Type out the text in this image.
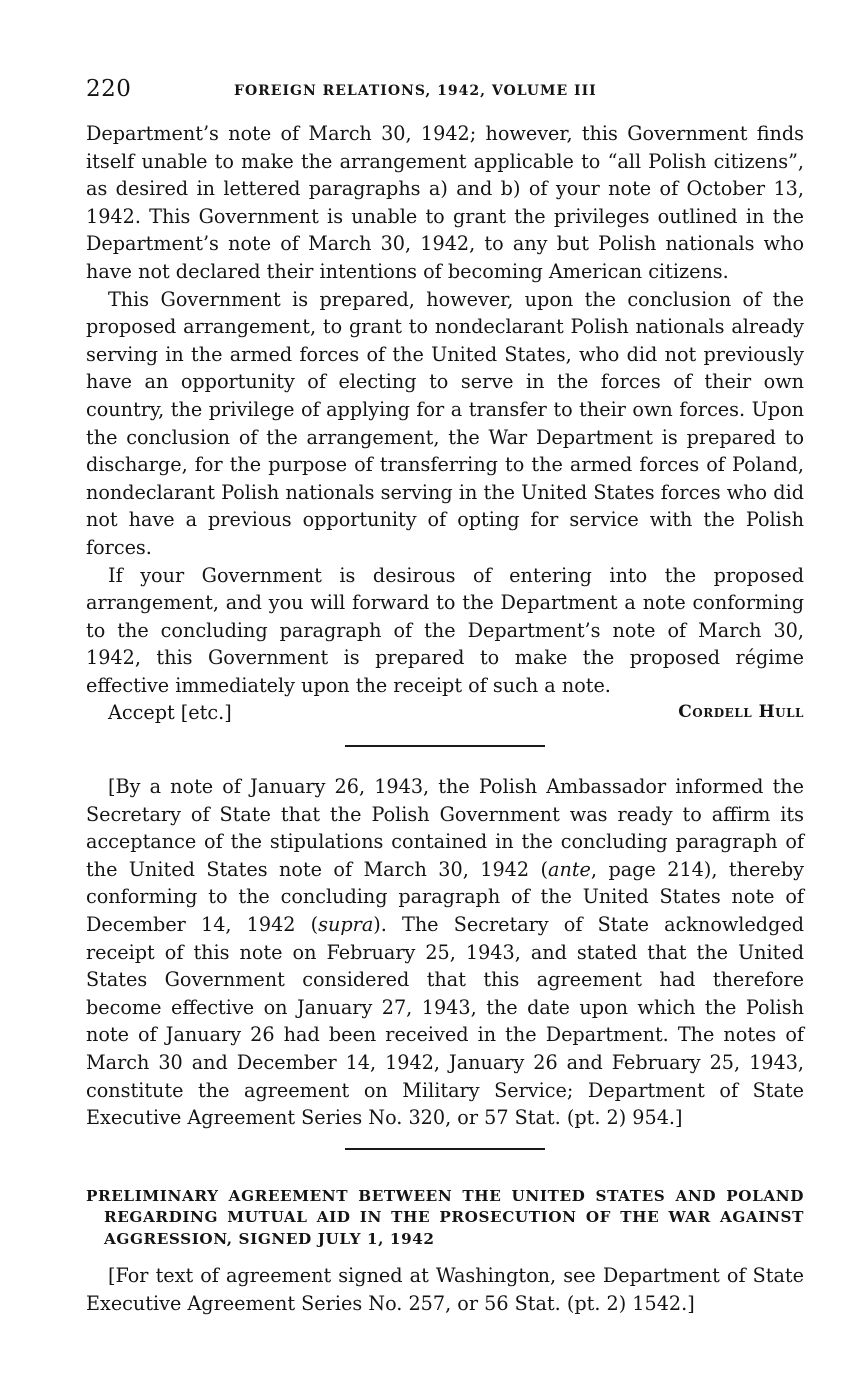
220	FOREIGN RELATIONS, 1942, VOLUME III

Department’s note of March 30, 1942; however, this Government finds itself unable to make the arrangement applicable to “all Polish citizens”, as desired in lettered paragraphs a) and b) of your note of October 13, 1942. This Government is unable to grant the privileges outlined in the Department’s note of March 30, 1942, to any but Polish nationals who have not declared their intentions of becoming American citizens.

This Government is prepared, however, upon the conclusion of the proposed arrangement, to grant to nondeclarant Polish nationals already serving in the armed forces of the United States, who did not previously have an opportunity of electing to serve in the forces of their own country, the privilege of applying for a transfer to their own forces. Upon the conclusion of the arrangement, the War Department is prepared to discharge, for the purpose of transferring to the armed forces of Poland, nondeclarant Polish nationals serving in the United States forces who did not have a previous opportunity of opting for service with the Polish forces.

If your Government is desirous of entering into the proposed arrangement, and you will forward to the Department a note conforming to the concluding paragraph of the Department’s note of March 30, 1942, this Government is prepared to make the proposed régime effective immediately upon the receipt of such a note.

Accept [etc.]	Cordell Hull

[By a note of January 26, 1943, the Polish Ambassador informed the Secretary of State that the Polish Government was ready to affirm its acceptance of the stipulations contained in the concluding paragraph of the United States note of March 30, 1942 (ante, page 214), thereby conforming to the concluding paragraph of the United States note of December 14, 1942 (supra). The Secretary of State acknowledged receipt of this note on February 25, 1943, and stated that the United States Government considered that this agreement had therefore become effective on January 27, 1943, the date upon which the Polish note of January 26 had been received in the Department. The notes of March 30 and December 14, 1942, January 26 and February 25, 1943, constitute the agreement on Military Service; Department of State Executive Agreement Series No. 320, or 57 Stat. (pt. 2) 954.]

PRELIMINARY AGREEMENT BETWEEN THE UNITED STATES AND POLAND REGARDING MUTUAL AID IN THE PROSECUTION OF THE WAR AGAINST AGGRESSION, SIGNED JULY 1, 1942

[For text of agreement signed at Washington, see Department of State Executive Agreement Series No. 257, or 56 Stat. (pt. 2) 1542.]
